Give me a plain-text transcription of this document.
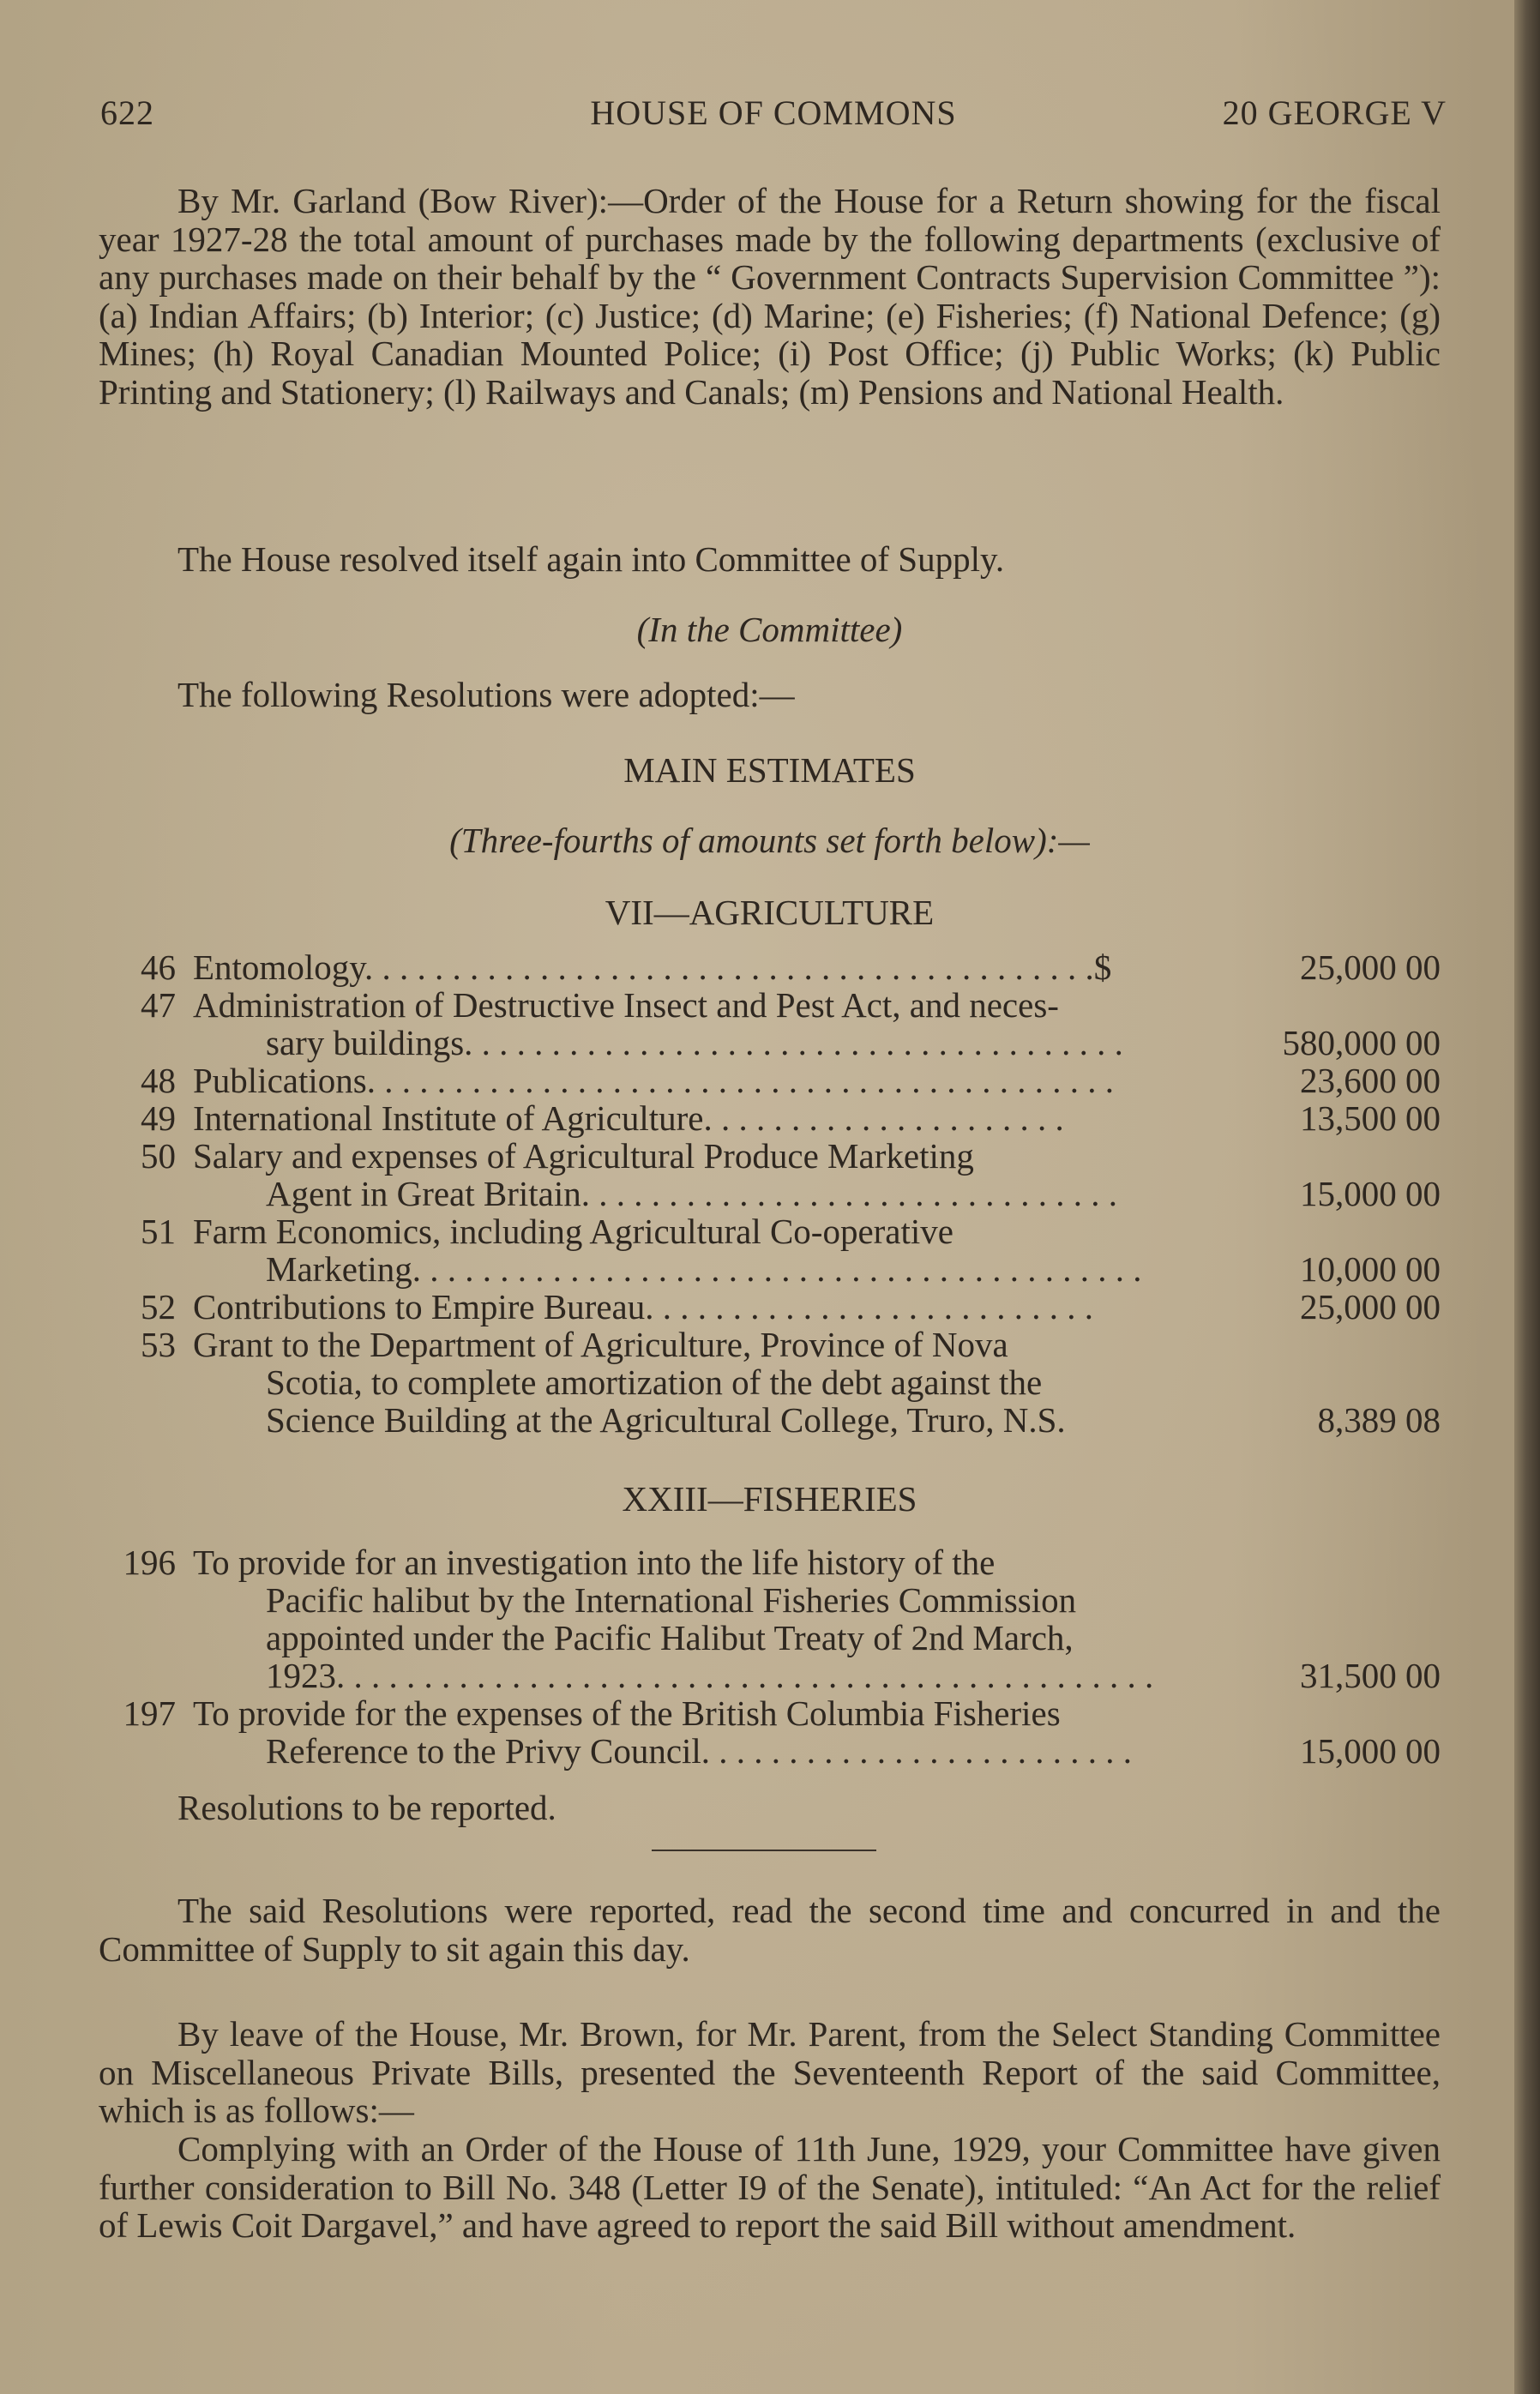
622	HOUSE OF COMMONS	20 GEORGE V
By Mr. Garland (Bow River):—Order of the House for a Return showing for the fiscal year 1927-28 the total amount of purchases made by the following departments (exclusive of any purchases made on their behalf by the “ Government Contracts Supervision Committee ”): (a) Indian Affairs; (b) Interior; (c) Justice; (d) Marine; (e) Fisheries; (f) National Defence; (g) Mines; (h) Royal Canadian Mounted Police; (i) Post Office; (j) Public Works; (k) Public Printing and Stationery; (l) Railways and Canals; (m) Pensions and National Health.
The House resolved itself again into Committee of Supply.
(In the Committee)
The following Resolutions were adopted:—
MAIN ESTIMATES
(Three-fourths of amounts set forth below):—
VII—AGRICULTURE
46 Entomology. . . . . . . . . . . . . . . . . . . . . . . . . . . . . . . . . . . . . . . . . .$	25,000 00
47 Administration of Destructive Insect and Pest Act, and neces-
sary buildings. . . . . . . . . . . . . . . . . . . . . . . . . . . . . . . . . . . . . .	580,000 00
48 Publications. . . . . . . . . . . . . . . . . . . . . . . . . . . . . . . . . . . . . . . . . . .	23,600 00
49 International Institute of Agriculture. . . . . . . . . . . . . . . . . . . . .	13,500 00
50 Salary and expenses of Agricultural Produce Marketing
Agent in Great Britain. . . . . . . . . . . . . . . . . . . . . . . . . . . . . . .	15,000 00
51 Farm Economics, including Agricultural Co-operative
Marketing. . . . . . . . . . . . . . . . . . . . . . . . . . . . . . . . . . . . . . . . . .	10,000 00
52 Contributions to Empire Bureau. . . . . . . . . . . . . . . . . . . . . . . . . .	25,000 00
53 Grant to the Department of Agriculture, Province of Nova
Scotia, to complete amortization of the debt against the
Science Building at the Agricultural College, Truro, N.S.	8,389 08
XXIII—FISHERIES
196 To provide for an investigation into the life history of the
Pacific halibut by the International Fisheries Commission
appointed under the Pacific Halibut Treaty of 2nd March,
1923. . . . . . . . . . . . . . . . . . . . . . . . . . . . . . . . . . . . . . . . . . . . . . .	31,500 00
197 To provide for the expenses of the British Columbia Fisheries
Reference to the Privy Council. . . . . . . . . . . . . . . . . . . . . . . . .	15,000 00
Resolutions to be reported.
The said Resolutions were reported, read the second time and concurred in and the Committee of Supply to sit again this day.
By leave of the House, Mr. Brown, for Mr. Parent, from the Select Standing Committee on Miscellaneous Private Bills, presented the Seventeenth Report of the said Committee, which is as follows:—
Complying with an Order of the House of 11th June, 1929, your Committee have given further consideration to Bill No. 348 (Letter I9 of the Senate), intituled: “An Act for the relief of Lewis Coit Dargavel,” and have agreed to report the said Bill without amendment.
